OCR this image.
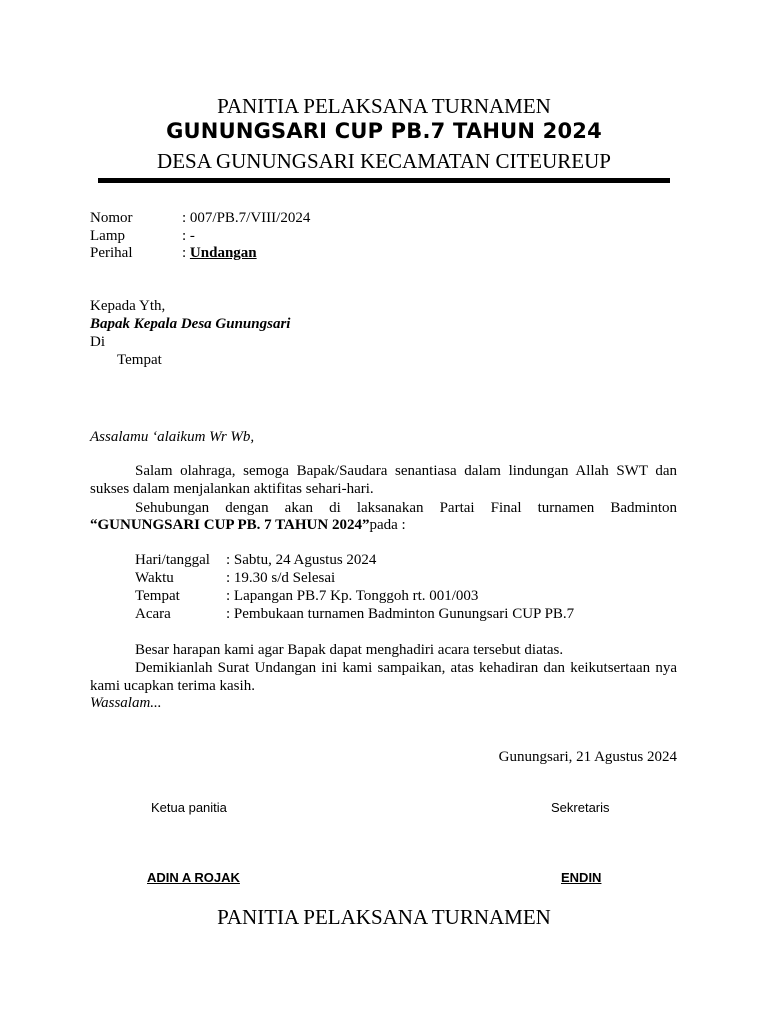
PANITIA PELAKSANA TURNAMEN
GUNUNGSARI CUP PB.7 TAHUN 2024
DESA GUNUNGSARI KECAMATAN CITEUREUP
Nomor	: 007/PB.7/VIII/2024
Lamp	: -
Perihal	: Undangan
Kepada Yth,
Bapak Kepala Desa Gunungsari
Di
Tempat
Assalamu ‘alaikum Wr Wb,
Salam olahraga, semoga Bapak/Saudara senantiasa dalam lindungan Allah SWT dan
sukses dalam menjalankan aktifitas sehari-hari.
Sehubungan dengan akan di laksanakan Partai Final turnamen Badminton
“GUNUNGSARI CUP PB. 7 TAHUN 2024”pada :
Hari/tanggal : Sabtu, 24 Agustus 2024
Waktu	: 19.30 s/d Selesai
Tempat	: Lapangan PB.7 Kp. Tonggoh rt. 001/003
Acara	: Pembukaan turnamen Badminton Gunungsari CUP PB.7
Besar harapan kami agar Bapak dapat menghadiri acara tersebut diatas.
Demikianlah Surat Undangan ini kami sampaikan, atas kehadiran dan keikutsertaan nya
kami ucapkan terima kasih.
Wassalam...
Gunungsari, 21 Agustus 2024
Ketua panitia	Sekretaris
ADIN A ROJAK	ENDIN
PANITIA PELAKSANA TURNAMEN
